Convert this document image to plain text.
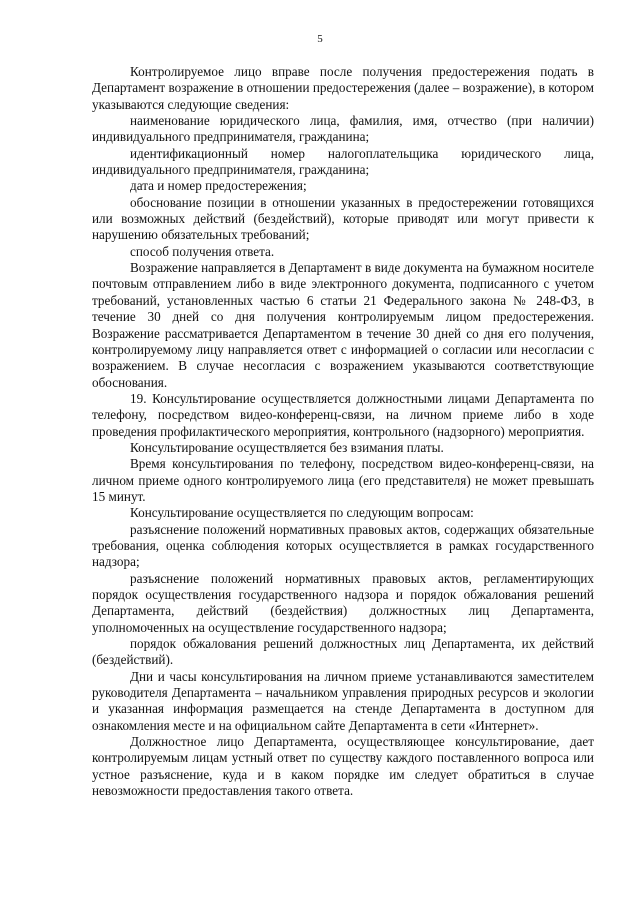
5

Контролируемое лицо вправе после получения предостережения подать в Департамент возражение в отношении предостережения (далее – возражение), в котором указываются следующие сведения:

наименование юридического лица, фамилия, имя, отчество (при наличии) индивидуального предпринимателя, гражданина;

идентификационный номер налогоплательщика юридического лица, индивидуального предпринимателя, гражданина;

дата и номер предостережения;

обоснование позиции в отношении указанных в предостережении готовящихся или возможных действий (бездействий), которые приводят или могут привести к нарушению обязательных требований;

способ получения ответа.

Возражение направляется в Департамент в виде документа на бумажном носителе почтовым отправлением либо в виде электронного документа, подписанного с учетом требований, установленных частью 6 статьи 21 Федерального закона № 248-ФЗ, в течение 30 дней со дня получения контролируемым лицом предостережения. Возражение рассматривается Департаментом в течение 30 дней со дня его получения, контролируемому лицу направляется ответ с информацией о согласии или несогласии с возражением. В случае несогласия с возражением указываются соответствующие обоснования.

19. Консультирование осуществляется должностными лицами Департамента по телефону, посредством видео-конференц-связи, на личном приеме либо в ходе проведения профилактического мероприятия, контрольного (надзорного) мероприятия.

Консультирование осуществляется без взимания платы.

Время консультирования по телефону, посредством видео-конференц-связи, на личном приеме одного контролируемого лица (его представителя) не может превышать 15 минут.

Консультирование осуществляется по следующим вопросам:

разъяснение положений нормативных правовых актов, содержащих обязательные требования, оценка соблюдения которых осуществляется в рамках государственного надзора;

разъяснение положений нормативных правовых актов, регламентирующих порядок осуществления государственного надзора и порядок обжалования решений Департамента, действий (бездействия) должностных лиц Департамента, уполномоченных на осуществление государственного надзора;

порядок обжалования решений должностных лиц Департамента, их действий (бездействий).

Дни и часы консультирования на личном приеме устанавливаются заместителем руководителя Департамента – начальником управления природных ресурсов и экологии и указанная информация размещается на стенде Департамента в доступном для ознакомления месте и на официальном сайте Департамента в сети «Интернет».

Должностное лицо Департамента, осуществляющее консультирование, дает контролируемым лицам устный ответ по существу каждого поставленного вопроса или устное разъяснение, куда и в каком порядке им следует обратиться в случае невозможности предоставления такого ответа.
